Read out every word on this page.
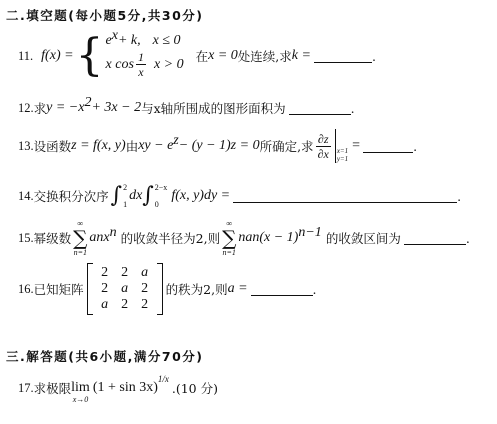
二.填空题(每小题5分,共30分)
11. f(x) = { $e^x + k$, x ≤ 0
x $\cos \frac{1}{x}$ x > 0 在 x = 0 处连续,求 k =	.
12. 求 $y = -x^2 + 3x - 2$ 与x轴所围成的图形面积为	.
13. 设函数 z = f(x, y) 由 xy − $e^z - (y - 1)z = 0$ 所确定,求 $\frac{\partial z}{\partial x} x=1$
y=1
=	.
14. 交换积分次序 ∫ 2
1
dx ∫ 2−x
0
f(x, y)dy =	.
15. 幂级数
∞
∑
n=1
a n $x^n$ 的收敛半径为2,则
∞
∑
n=1
na n $(x - 1)^{n-1}$ 的收敛区间为	.
16. 已知矩阵
2 2 a
2 a 2
a 2 2
的秩为2,则 a =	.
三.解答题(共6小题,满分70分)
17. 求极限 lim
x→0
(1 + sin 3x)
$^{1/x}$
.(10 分)
